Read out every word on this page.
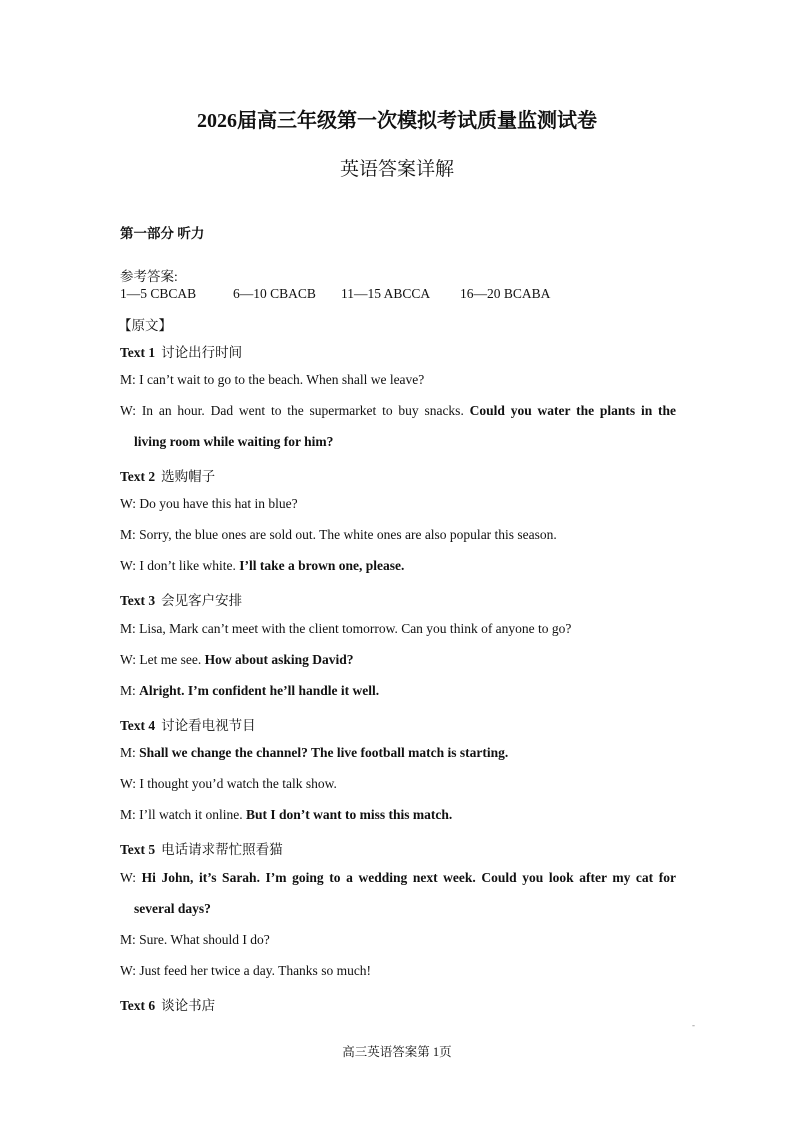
2026届高三年级第一次模拟考试质量监测试卷
英语答案详解
第一部分 听力
参考答案:
1—5 CBCAB	6—10 CBACB 11—15 ABCCA 16—20 BCABA
【原文】
Text 1 讨论出行时间
M: I can’t wait to go to the beach. When shall we leave?
W: In an hour. Dad went to the supermarket to buy snacks. Could you water the plants in the
living room while waiting for him?
Text 2 选购帽子
W: Do you have this hat in blue?
M: Sorry, the blue ones are sold out. The white ones are also popular this season.
W: I don’t like white. I’ll take a brown one, please.
Text 3 会见客户安排
M: Lisa, Mark can’t meet with the client tomorrow. Can you think of anyone to go?
W: Let me see. How about asking David?
M: Alright. I’m confident he’ll handle it well.
Text 4 讨论看电视节目
M: Shall we change the channel? The live football match is starting.
W: I thought you’d watch the talk show.
M: I’ll watch it online. But I don’t want to miss this match.
Text 5 电话请求帮忙照看猫
W: Hi John, it’s Sarah. I’m going to a wedding next week. Could you look after my cat for
several days?
M: Sure. What should I do?
W: Just feed her twice a day. Thanks so much!
Text 6 谈论书店
-
高三英语答案第 1页
